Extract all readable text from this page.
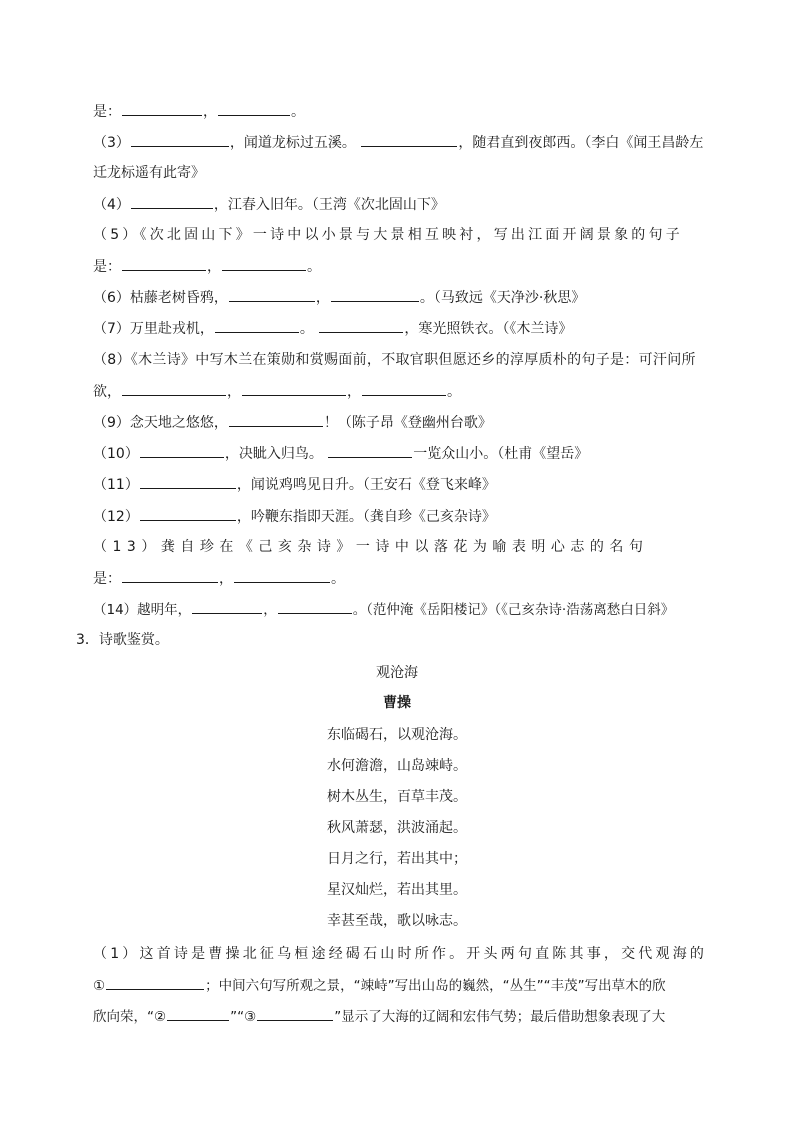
是：	，	。
（3）	，闻道龙标过五溪。	，随君直到夜郎西。（李白《闻王昌龄左
迁龙标遥有此寄》
（4）	，江春入旧年。（王湾《次北固山下》
（5）《次北固山下》一诗中以小景与大景相互映衬，写出江面开阔景象的句子
是：	，	。
（6）枯藤老树昏鸦，	，	。（马致远《天净沙·秋思》
（7）万里赴戎机，	。	，寒光照铁衣。（《木兰诗》
（8）《木兰诗》中写木兰在策勋和赏赐面前，不取官职但愿还乡的淳厚质朴的句子是：可汗问所
欲，	，	，	。
（9）念天地之悠悠，	！（陈子昂《登幽州台歌》
（10）	，决眦入归鸟。	一览众山小。（杜甫《望岳》
（11）	，闻说鸡鸣见日升。（王安石《登飞来峰》
（12）	，吟鞭东指即天涯。（龚自珍《己亥杂诗》
（13）龚自珍在《己亥杂诗》一诗中以落花为喻表明心志的名句
是：	，	。
（14）越明年，	，	。（范仲淹《岳阳楼记》（《己亥杂诗·浩荡离愁白日斜》
3．诗歌鉴赏。
观沧海
曹操
东临碣石，以观沧海。
水何澹澹，山岛竦峙。
树木丛生，百草丰茂。
秋风萧瑟，洪波涌起。
日月之行，若出其中；
星汉灿烂，若出其里。
幸甚至哉，歌以咏志。
（1）这首诗是曹操北征乌桓途经碣石山时所作。开头两句直陈其事，交代观海的
①	；中间六句写所观之景，“竦峙”写出山岛的巍然，“丛生”“丰茂”写出草木的欣
欣向荣，“②	”“③	”显示了大海的辽阔和宏伟气势；最后借助想象表现了大
